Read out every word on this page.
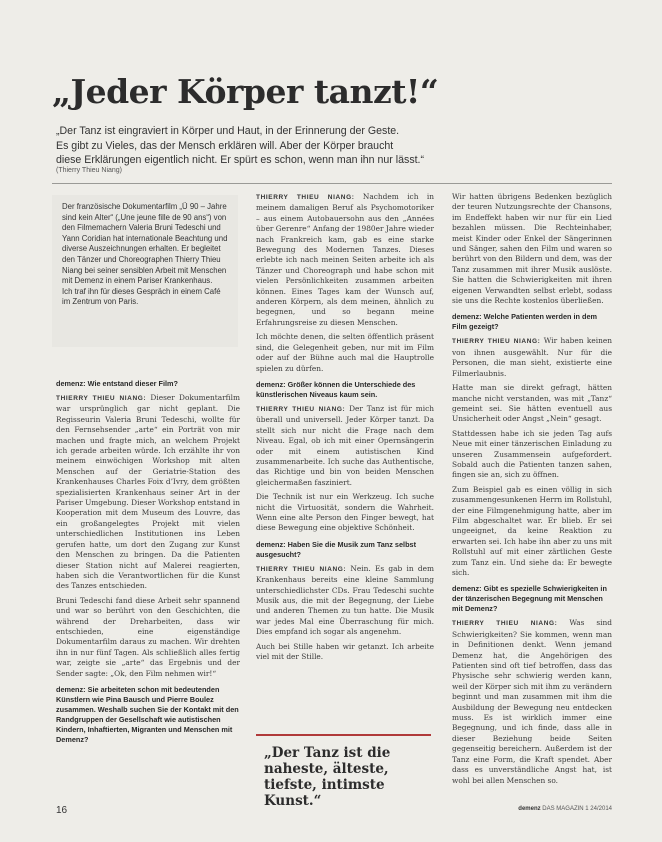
„Jeder Körper tanzt!“

„Der Tanz ist eingraviert in Körper und Haut, in der Erinnerung der Geste.

Es gibt zu Vieles, das der Mensch erklären will. Aber der Körper braucht

diese Erklärungen eigentlich nicht. Er spürt es schon, wenn man ihn nur lässt.“

(Thierry Thieu Niang)

Der französische Dokumentarfilm „Ü 90 – Jahre sind kein Alter“ („Une jeune fille de 90 ans“) von den Filmemachern Valeria Bruni Tedeschi und Yann Coridian hat internationale Beachtung und diverse Auszeichnungen erhalten. Er begleitet den Tänzer und Choreographen Thierry Thieu Niang bei seiner sensiblen Arbeit mit Menschen mit Demenz in einem Pariser Krankenhaus.

Ich traf ihn für dieses Gespräch in einem Café im Zentrum von Paris.

demenz: Wie entstand dieser Film?

THIERRY THIEU NIANG: Dieser Dokumentarfilm war ursprünglich gar nicht geplant. Die Regisseurin Valeria Bruni Tedeschi, wollte für den Fernsehsender „arte“ ein Porträt von mir machen und fragte mich, an welchem Projekt ich gerade arbeiten würde. Ich erzählte ihr von meinem einwöchigen Workshop mit alten Menschen auf der Geriatrie-Station des Krankenhauses Charles Foix d’Ivry, dem größten spezialisierten Krankenhaus seiner Art in der Pariser Umgebung. Dieser Workshop entstand in Kooperation mit dem Museum des Louvre, das ein großangelegtes Projekt mit vielen unterschiedlichen Institutionen ins Leben gerufen hatte, um dort den Zugang zur Kunst den Menschen zu bringen. Da die Patienten dieser Station nicht auf Malerei reagierten, haben sich die Verantwortlichen für die Kunst des Tanzes entschieden.

Bruni Tedeschi fand diese Arbeit sehr spannend und war so berührt von den Geschichten, die während der Dreharbeiten, dass wir entschieden, eine eigenständige Dokumentarfilm daraus zu machen. Wir drehten ihn in nur fünf Tagen. Als schließlich alles fertig war, zeigte sie „arte“ das Ergebnis und der Sender sagte: „Ok, den Film nehmen wir!“

demenz: Sie arbeiteten schon mit bedeutenden Künstlern wie Pina Bausch und Pierre Boulez zusammen. Weshalb suchen Sie der Kontakt mit den Randgruppen der Gesellschaft wie autistischen Kindern, Inhaftierten, Migranten und Menschen mit Demenz?

THIERRY THIEU NIANG: Nachdem ich in meinem damaligen Beruf als Psychomotoriker – aus einem Autobauersohn aus den „Années über Gerenre“ Anfang der 1980er Jahre wieder nach Frankreich kam, gab es eine starke Bewegung des Modernen Tanzes. Dieses erlebte ich nach meinen Seiten arbeite ich als Tänzer und Choreograph und habe schon mit vielen Persönlichkeiten zusammen arbeiten können. Eines Tages kam der Wunsch auf, anderen Körpern, als dem meinen, ähnlich zu begegnen, und so begann meine Erfahrungsreise zu diesen Menschen.

Ich möchte denen, die selten öffentlich präsent sind, die Gelegenheit geben, nur mit im Film oder auf der Bühne auch mal die Hauptrolle spielen zu dürfen.

demenz: Größer können die Unterschiede des künstlerischen Niveaus kaum sein.

THIERRY THIEU NIANG: Der Tanz ist für mich überall und universell. Jeder Körper tanzt. Da stellt sich nur nicht die Frage nach dem Niveau. Egal, ob ich mit einer Opernsängerin oder mit einem autistischen Kind zusammenarbeite. Ich suche das Authentische, das Richtige und bin von beiden Menschen gleichermaßen fasziniert.

Die Technik ist nur ein Werkzeug. Ich suche nicht die Virtuosität, sondern die Wahrheit. Wenn eine alte Person den Finger bewegt, hat diese Bewegung eine objektive Schönheit.

demenz: Haben Sie die Musik zum Tanz selbst ausgesucht?

THIERRY THIEU NIANG: Nein. Es gab in dem Krankenhaus bereits eine kleine Sammlung unterschiedlichster CDs. Frau Tedeschi suchte Musik aus, die mit der Begegnung, der Liebe und anderen Themen zu tun hatte. Die Musik war jedes Mal eine Überraschung für mich. Dies empfand ich sogar als angenehm.

Auch bei Stille haben wir getanzt. Ich arbeite viel mit der Stille.

Wir hatten übrigens Bedenken bezüglich der teuren Nutzungsrechte der Chansons, im Endeffekt haben wir nur für ein Lied bezahlen müssen. Die Rechteinhaber, meist Kinder oder Enkel der Sängerinnen und Sänger, sahen den Film und waren so berührt von den Bildern und dem, was der Tanz zusammen mit ihrer Musik auslöste. Sie hatten die Schwierigkeiten mit ihren eigenen Verwandten selbst erlebt, sodass sie uns die Rechte kostenlos überließen.

demenz: Welche Patienten werden in dem Film gezeigt?

THIERRY THIEU NIANG: Wir haben keinen von ihnen ausgewählt. Nur für die Personen, die man sieht, existierte eine Filmerlaubnis.

Hatte man sie direkt gefragt, hätten manche nicht verstanden, was mit „Tanz“ gemeint sei. Sie hätten eventuell aus Unsicherheit oder Angst „Nein“ gesagt.

Stattdessen habe ich sie jeden Tag aufs Neue mit einer tänzerischen Einladung zu unseren Zusammensein aufgefordert. Sobald auch die Patienten tanzen sahen, fingen sie an, sich zu öffnen.

Zum Beispiel gab es einen völlig in sich zusammengesunkenen Herrn im Rollstuhl, der eine Filmgenehmigung hatte, aber im Film abgeschaltet war. Er blieb. Er sei ungeeignet, da keine Reaktion zu erwarten sei. Ich habe ihn aber zu uns mit Rollstuhl auf mit einer zärtlichen Geste zum Tanz ein. Und siehe da: Er bewegte sich.

demenz: Gibt es spezielle Schwierigkeiten in der tänzerischen Begegnung mit Menschen mit Demenz?

THIERRY THIEU NIANG: Was sind Schwierigkeiten? Sie kommen, wenn man in Definitionen denkt. Wenn jemand Demenz hat, die Angehörigen des Patienten sind oft tief betroffen, dass das Physische sehr schwierig werden kann, weil der Körper sich mit ihm zu verändern beginnt und man zusammen mit ihm die Ausbildung der Bewegung neu entdecken muss. Es ist wirklich immer eine Begegnung, und ich finde, dass alle in dieser Beziehung beide Seiten gegenseitig bereichern. Außerdem ist der Tanz eine Form, die Kraft spendet. Aber dass es unverständliche Angst hat, ist wohl bei allen Menschen so.

„Der Tanz ist die naheste, älteste, tiefste, intimste Kunst.“
16	demenz DAS MAGAZIN 1 24/2014
